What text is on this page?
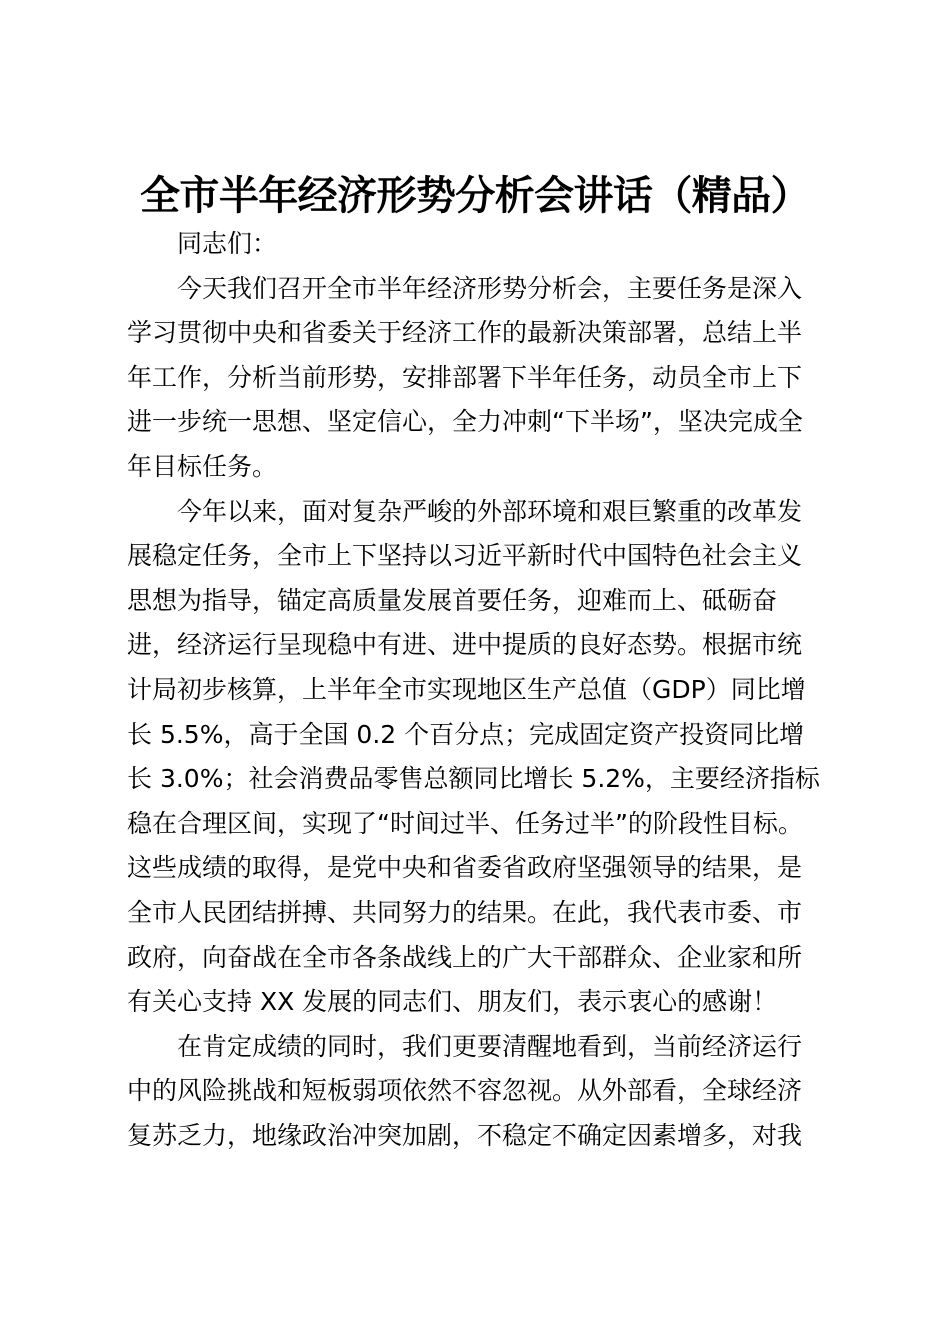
全市半年经济形势分析会讲话（精品）
同志们：
今天我们召开全市半年经济形势分析会，主要任务是深入
学习贯彻中央和省委关于经济工作的最新决策部署，总结上半
年工作，分析当前形势，安排部署下半年任务，动员全市上下
进一步统一思想、坚定信心，全力冲刺“下半场”，坚决完成全
年目标任务。
今年以来，面对复杂严峻的外部环境和艰巨繁重的改革发
展稳定任务，全市上下坚持以习近平新时代中国特色社会主义
思想为指导，锚定高质量发展首要任务，迎难而上、砥砺奋
进，经济运行呈现稳中有进、进中提质的良好态势。根据市统
计局初步核算，上半年全市实现地区生产总值（GDP）同比增
长 5.5%，高于全国 0.2 个百分点；完成固定资产投资同比增
长 3.0%；社会消费品零售总额同比增长 5.2%，主要经济指标
稳在合理区间，实现了“时间过半、任务过半”的阶段性目标。
这些成绩的取得，是党中央和省委省政府坚强领导的结果，是
全市人民团结拼搏、共同努力的结果。在此，我代表市委、市
政府，向奋战在全市各条战线上的广大干部群众、企业家和所
有关心支持 XX 发展的同志们、朋友们，表示衷心的感谢！
在肯定成绩的同时，我们更要清醒地看到，当前经济运行
中的风险挑战和短板弱项依然不容忽视。从外部看，全球经济
复苏乏力，地缘政治冲突加剧，不稳定不确定因素增多，对我
